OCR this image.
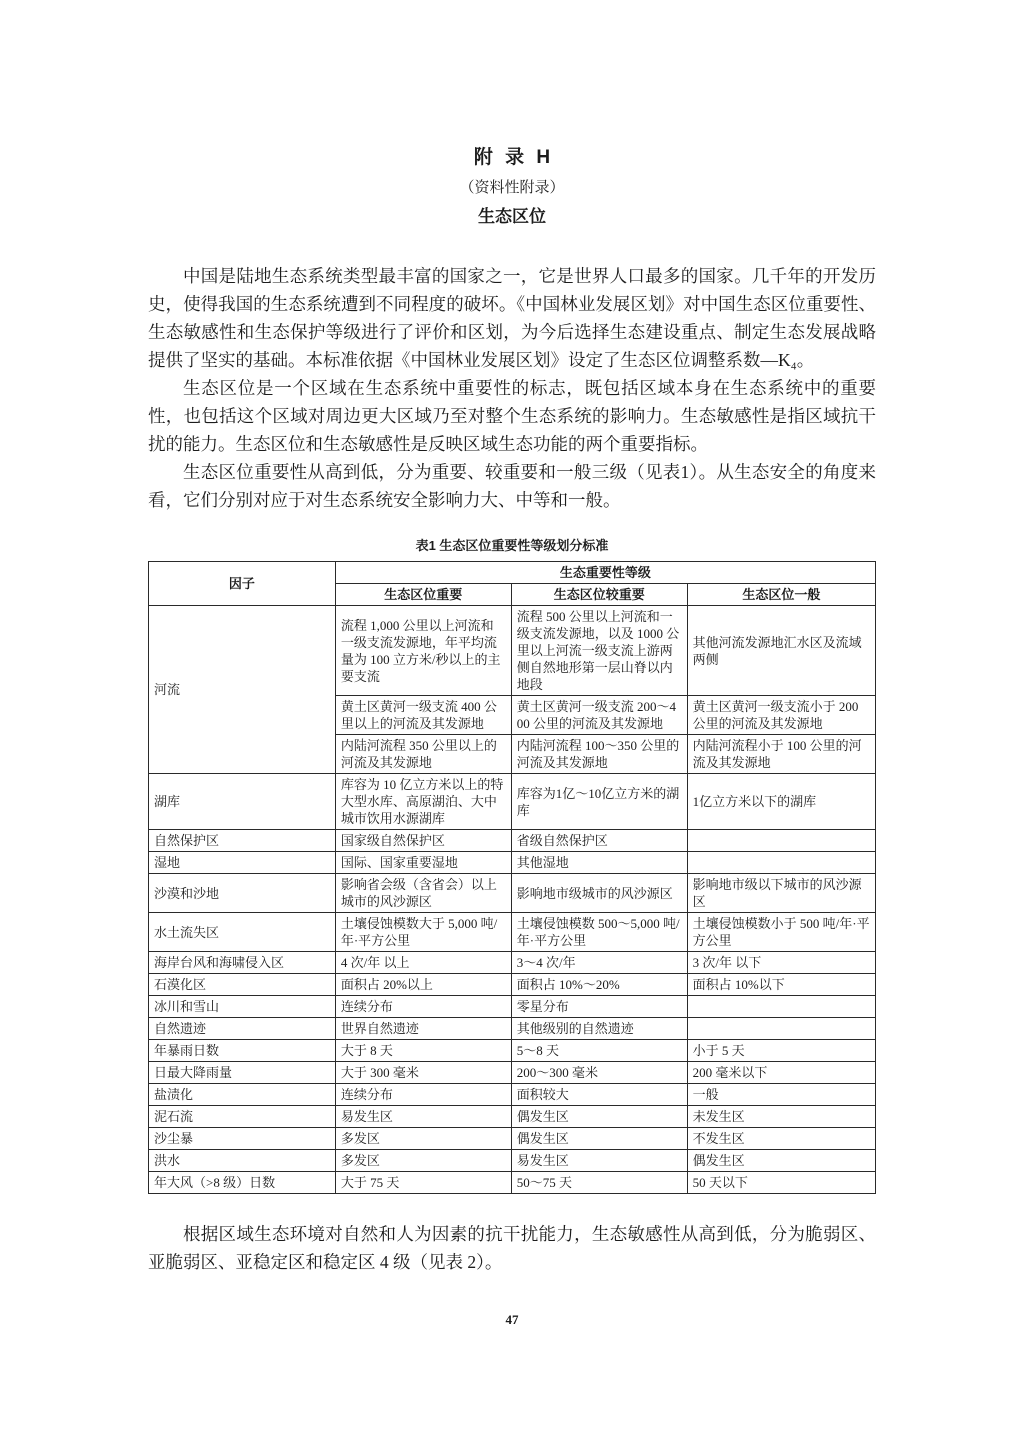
附 录 H
（资料性附录）
生态区位

中国是陆地生态系统类型最丰富的国家之一，它是世界人口最多的国家。几千年的开发历史，使得我国的生态系统遭到不同程度的破坏。《中国林业发展区划》对中国生态区位重要性、生态敏感性和生态保护等级进行了评价和区划，为今后选择生态建设重点、制定生态发展战略提供了坚实的基础。本标准依据《中国林业发展区划》设定了生态区位调整系数—K₄。

生态区位是一个区域在生态系统中重要性的标志，既包括区域本身在生态系统中的重要性，也包括这个区域对周边更大区域乃至对整个生态系统的影响力。生态敏感性是指区域抗干扰的能力。生态区位和生态敏感性是反映区域生态功能的两个重要指标。

生态区位重要性从高到低，分为重要、较重要和一般三级（见表1）。从生态安全的角度来看，它们分别对应于对生态系统安全影响力大、中等和一般。

表1 生态区位重要性等级划分标准
因子	生态重要性等级		
	生态区位重要	生态区位较重要	生态区位一般
河流	流程 1,000 公里以上河流和一级支流发源地，年平均流量为 100 立方米/秒以上的主要支流	流程 500 公里以上河流和一级支流发源地，以及 1000 公里以上河流一级支流上游两侧自然地形第一层山脊以内地段	其他河流发源地汇水区及流域两侧
	黄土区黄河一级支流 400 公里以上的河流及其发源地	黄土区黄河一级支流 200～400 公里的河流及其发源地	黄土区黄河一级支流小于 200 公里的河流及其发源地
	内陆河流程 350 公里以上的河流及其发源地	内陆河流程 100～350 公里的河流及其发源地	内陆河流程小于 100 公里的河流及其发源地
湖库	库容为 10 亿立方米以上的特大型水库、高原湖泊、大中城市饮用水源湖库	库容为1亿～10亿立方米的湖库	1亿立方米以下的湖库
自然保护区	国家级自然保护区	省级自然保护区	
湿地	国际、国家重要湿地	其他湿地	
沙漠和沙地	影响省会级（含省会）以上城市的风沙源区	影响地市级城市的风沙源区	影响地市级以下城市的风沙源区
水土流失区	土壤侵蚀模数大于 5,000 吨/年·平方公里	土壤侵蚀模数 500～5,000 吨/年·平方公里	土壤侵蚀模数小于 500 吨/年·平方公里
海岸台风和海啸侵入区	4 次/年 以上	3～4 次/年	3 次/年 以下
石漠化区	面积占 20%以上	面积占 10%～20%	面积占 10%以下
冰川和雪山	连续分布	零星分布	
自然遗迹	世界自然遗迹	其他级别的自然遗迹	
年暴雨日数	大于 8 天	5～8 天	小于 5 天
日最大降雨量	大于 300 毫米	200～300 毫米	200 毫米以下
盐渍化	连续分布	面积较大	一般
泥石流	易发生区	偶发生区	未发生区
沙尘暴	多发区	偶发生区	不发生区
洪水	多发区	易发生区	偶发生区
年大风（>8 级）日数	大于 75 天	50～75 天	50 天以下

根据区域生态环境对自然和人为因素的抗干扰能力，生态敏感性从高到低，分为脆弱区、亚脆弱区、亚稳定区和稳定区 4 级（见表 2）。

47
